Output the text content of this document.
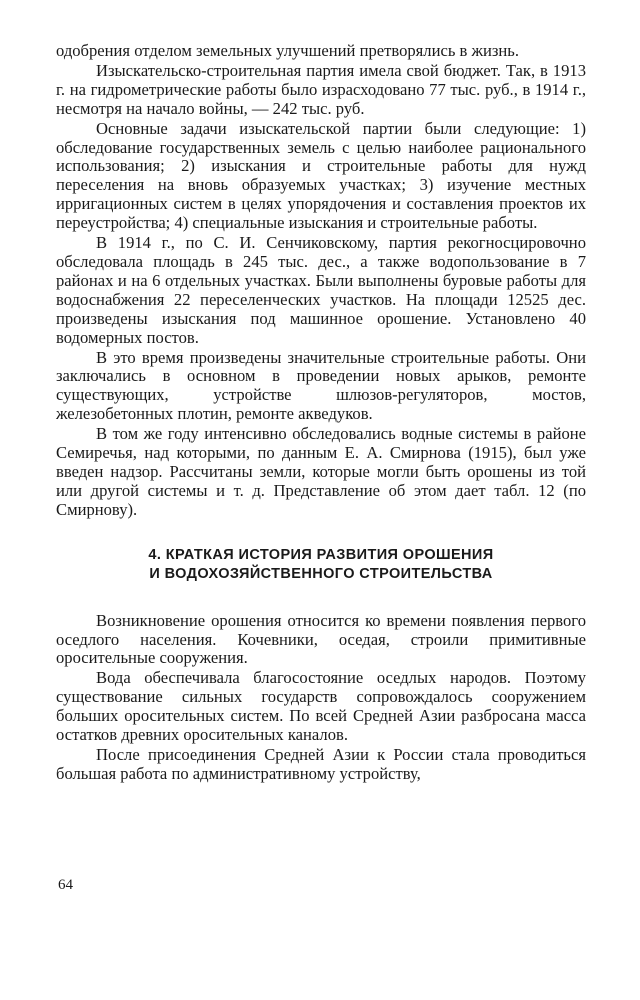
одобрения отделом земельных улучшений претворялись в жизнь.

Изыскательско-строительная партия имела свой бюджет. Так, в 1913 г. на гидрометрические работы было израсходовано 77 тыс. руб., в 1914 г., несмотря на начало войны, — 242 тыс. руб.

Основные задачи изыскательской партии были следующие: 1) обследование государственных земель с целью наиболее рационального использования; 2) изыскания и строительные работы для нужд переселения на вновь образуемых участках; 3) изучение местных ирригационных систем в целях упорядочения и составления проектов их переустройства; 4) специальные изыскания и строительные работы.

В 1914 г., по С. И. Сенчиковскому, партия рекогносцировочно обследовала площадь в 245 тыс. дес., а также водопользование в 7 районах и на 6 отдельных участках. Были выполнены буровые работы для водоснабжения 22 переселенческих участков. На площади 12525 дес. произведены изыскания под машинное орошение. Установлено 40 водомерных постов.

В это время произведены значительные строительные работы. Они заключались в основном в проведении новых арыков, ремонте существующих, устройстве шлюзов-регуляторов, мостов, железобетонных плотин, ремонте акведуков.

В том же году интенсивно обследовались водные системы в районе Семиречья, над которыми, по данным Е. А. Смирнова (1915), был уже введен надзор. Рассчитаны земли, которые могли быть орошены из той или другой системы и т. д. Представление об этом дает табл. 12 (по Смирнову).

4. КРАТКАЯ ИСТОРИЯ РАЗВИТИЯ ОРОШЕНИЯ
И ВОДОХОЗЯЙСТВЕННОГО СТРОИТЕЛЬСТВА

Возникновение орошения относится ко времени появления первого оседлого населения. Кочевники, оседая, строили примитивные оросительные сооружения.

Вода обеспечивала благосостояние оседлых народов. Поэтому существование сильных государств сопровождалось сооружением больших оросительных систем. По всей Средней Азии разбросана масса остатков древних оросительных каналов.

После присоединения Средней Азии к России стала проводиться большая работа по административному устройству,

64
